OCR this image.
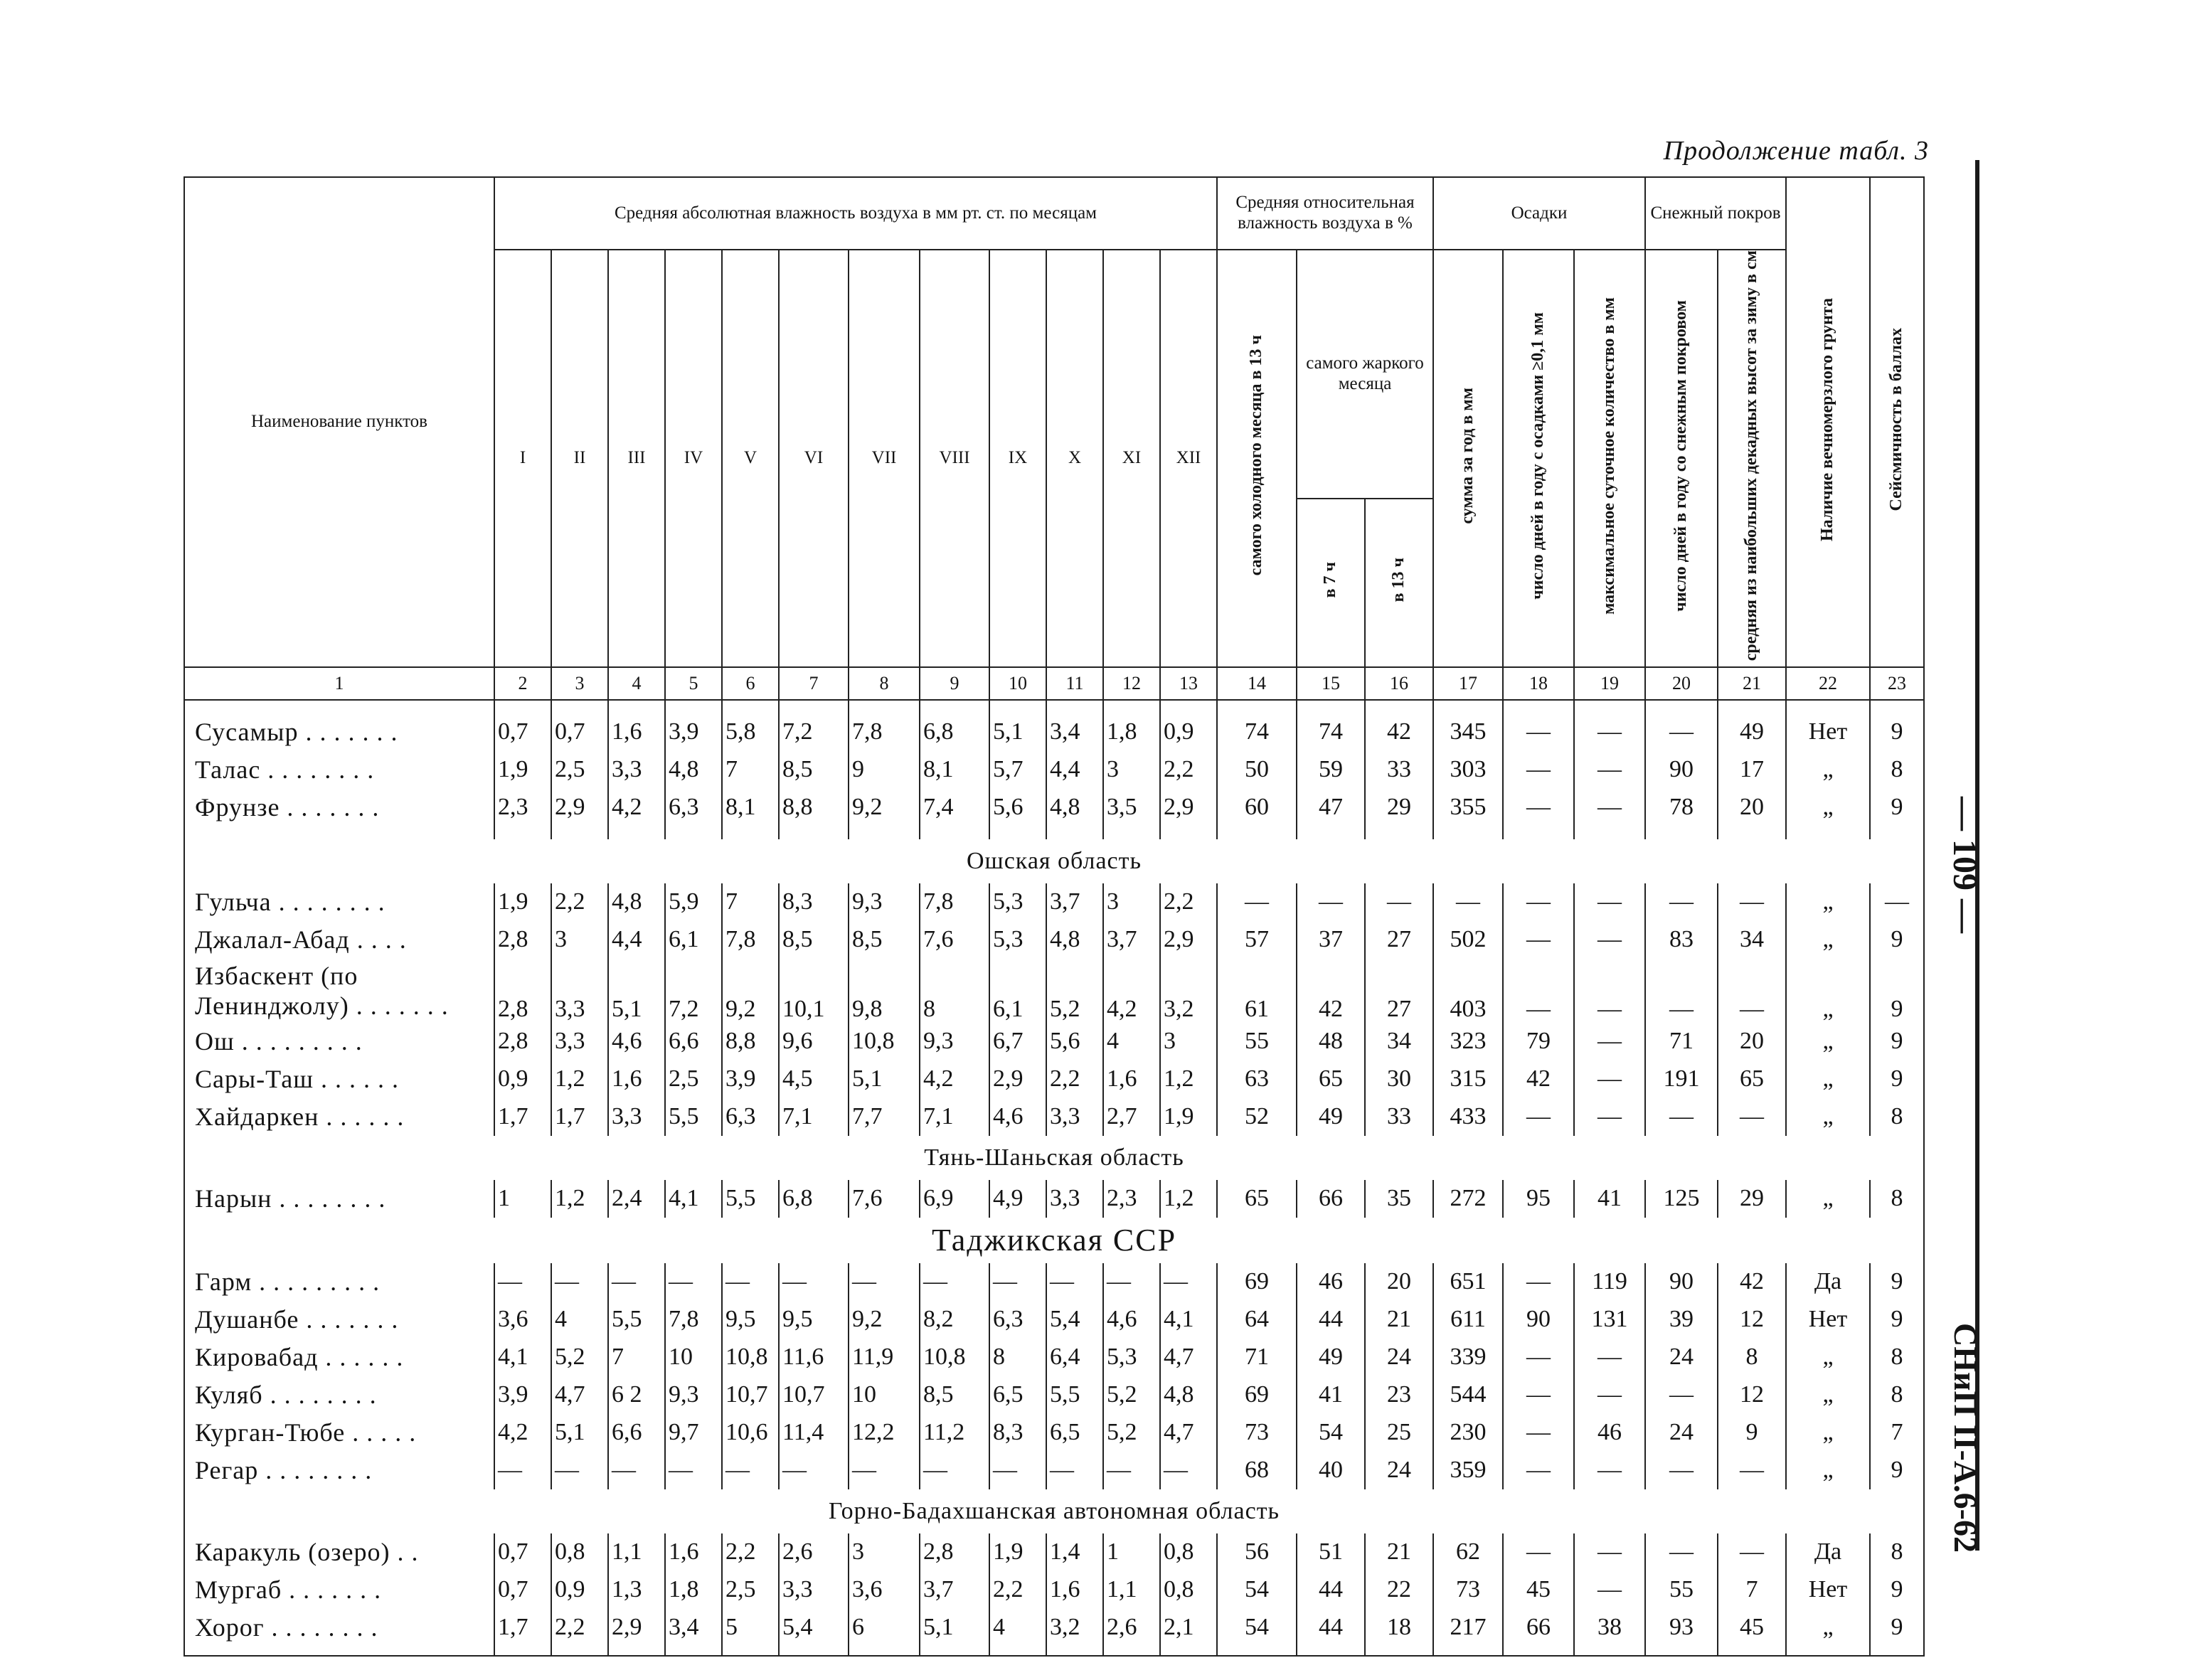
Продолжение табл. 3
— 109 —
СНиП II-А.6-62
Наименование пунктов	Средняя абсолютная влажность воздуха в мм рт. ст. по месяцам												Средняя относительная влажность воздуха в %			Осадки			Снежный покров		Наличие вечномерзлого грунта	Сейсмичность в баллах
	I	II	III	IV	V	VI	VII	VIII	IX	X	XI	XII	самого холодного месяца в 13 ч	самого жаркого месяца		сумма за год в мм	число дней в году с осадками ≥0,1 мм	максимальное суточное количество в мм	число дней в году со снежным покровом	средняя из наибольших декадных высот за зиму в см		
														в 7 ч	в 13 ч							
1	2	3	4	5	6	7	8	9	10	11	12	13	14	15	16	17	18	19	20	21	22	23

Сусамыр . . . . . . .	0,7	0,7	1,6	3,9	5,8	7,2	7,8	6,8	5,1	3,4	1,8	0,9	74	74	42	345	—	—	—	49	Нет	9
Талас . . . . . . . .	1,9	2,5	3,3	4,8	7	8,5	9	8,1	5,7	4,4	3	2,2	50	59	33	303	—	—	90	17	„	8
Фрунзе . . . . . . .	2,3	2,9	4,2	6,3	8,1	8,8	9,2	7,4	5,6	4,8	3,5	2,9	60	47	29	355	—	—	78	20	„	9

Ошская область																						
Гульча . . . . . . . .	1,9	2,2	4,8	5,9	7	8,3	9,3	7,8	5,3	3,7	3	2,2	—	—	—	—	—	—	—	—	„	—
Джалал-Абад . . . .	2,8	3	4,4	6,1	7,8	8,5	8,5	7,6	5,3	4,8	3,7	2,9	57	37	27	502	—	—	83	34	„	9
Избаскент (по Ленинджолу) . . . . . . .	2,8	3,3	5,1	7,2	9,2	10,1	9,8	8	6,1	5,2	4,2	3,2	61	42	27	403	—	—	—	—	„	9
Ош . . . . . . . . .	2,8	3,3	4,6	6,6	8,8	9,6	10,8	9,3	6,7	5,6	4	3	55	48	34	323	79	—	71	20	„	9
Сары-Таш . . . . . .	0,9	1,2	1,6	2,5	3,9	4,5	5,1	4,2	2,9	2,2	1,6	1,2	63	65	30	315	42	—	191	65	„	9
Хайдаркен . . . . . .	1,7	1,7	3,3	5,5	6,3	7,1	7,7	7,1	4,6	3,3	2,7	1,9	52	49	33	433	—	—	—	—	„	8
Тянь-Шаньская область																						
Нарын . . . . . . . .	1	1,2	2,4	4,1	5,5	6,8	7,6	6,9	4,9	3,3	2,3	1,2	65	66	35	272	95	41	125	29	„	8
Таджикская ССР																						
Гарм . . . . . . . . .	—	—	—	—	—	—	—	—	—	—	—	—	69	46	20	651	—	119	90	42	Да	9
Душанбе . . . . . . .	3,6	4	5,5	7,8	9,5	9,5	9,2	8,2	6,3	5,4	4,6	4,1	64	44	21	611	90	131	39	12	Нет	9
Кировабад . . . . . .	4,1	5,2	7	10	10,8	11,6	11,9	10,8	8	6,4	5,3	4,7	71	49	24	339	—	—	24	8	„	8
Куляб . . . . . . . .	3,9	4,7	6 2	9,3	10,7	10,7	10	8,5	6,5	5,5	5,2	4,8	69	41	23	544	—	—	—	12	„	8
Курган-Тюбе . . . . .	4,2	5,1	6,6	9,7	10,6	11,4	12,2	11,2	8,3	6,5	5,2	4,7	73	54	25	230	—	46	24	9	„	7
Регар . . . . . . . .	—	—	—	—	—	—	—	—	—	—	—	—	68	40	24	359	—	—	—	—	„	9
Горно-Бадахшанская автономная область																						
Каракуль (озеро) . .	0,7	0,8	1,1	1,6	2,2	2,6	3	2,8	1,9	1,4	1	0,8	56	51	21	62	—	—	—	—	Да	8
Мургаб . . . . . . .	0,7	0,9	1,3	1,8	2,5	3,3	3,6	3,7	2,2	1,6	1,1	0,8	54	44	22	73	45	—	55	7	Нет	9
Хорог . . . . . . . .	1,7	2,2	2,9	3,4	5	5,4	6	5,1	4	3,2	2,6	2,1	54	44	18	217	66	38	93	45	„	9
